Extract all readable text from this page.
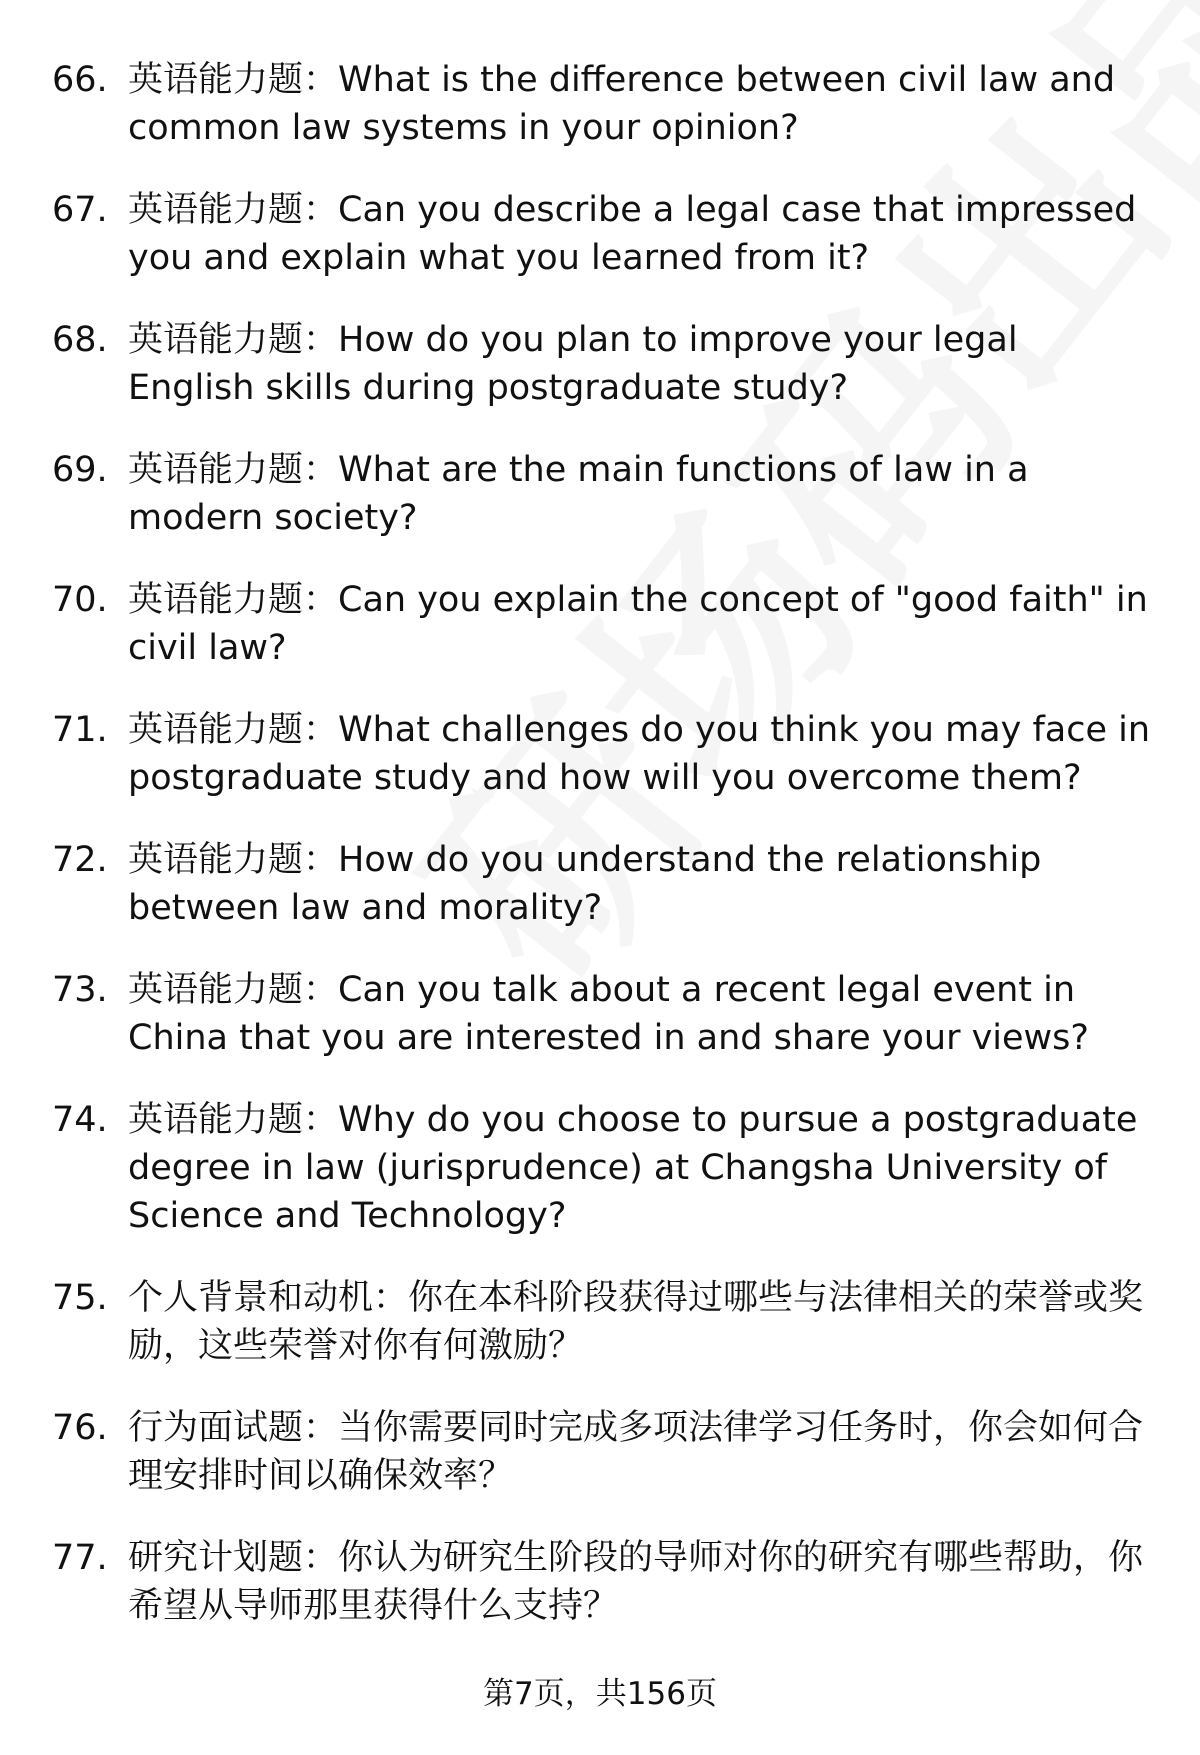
66. 英语能力题：What is the difference between civil law and common law systems in your opinion?
67. 英语能力题：Can you describe a legal case that impressed you and explain what you learned from it?
68. 英语能力题：How do you plan to improve your legal English skills during postgraduate study?
69. 英语能力题：What are the main functions of law in a modern society?
70. 英语能力题：Can you explain the concept of "good faith" in civil law?
71. 英语能力题：What challenges do you think you may face in postgraduate study and how will you overcome them?
72. 英语能力题：How do you understand the relationship between law and morality?
73. 英语能力题：Can you talk about a recent legal event in China that you are interested in and share your views?
74. 英语能力题：Why do you choose to pursue a postgraduate degree in law (jurisprudence) at Changsha University of Science and Technology?
75. 个人背景和动机：你在本科阶段获得过哪些与法律相关的荣誉或奖励，这些荣誉对你有何激励？
76. 行为面试题：当你需要同时完成多项法律学习任务时，你会如何合理安排时间以确保效率？
77. 研究计划题：你认为研究生阶段的导师对你的研究有哪些帮助，你希望从导师那里获得什么支持？
第7页，共156页
